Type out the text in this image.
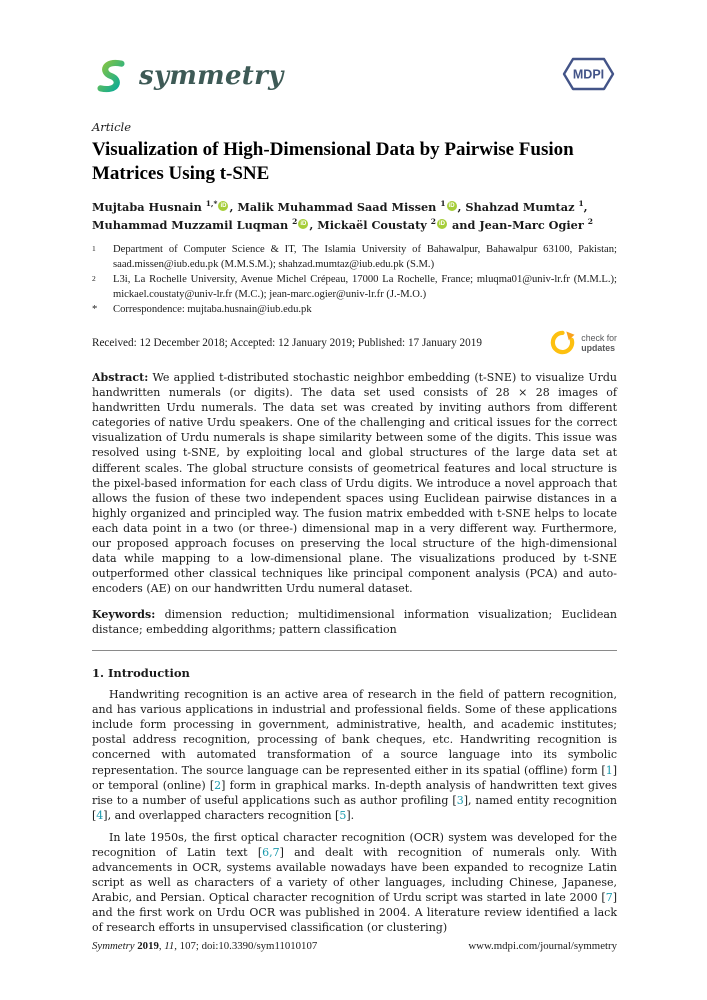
symmetry	MDPI
Article
Visualization of High-Dimensional Data by Pairwise Fusion Matrices Using t-SNE

Mujtaba Husnain $^{1,*}$ iD , Malik Muhammad Saad Missen $^1$ iD , Shahzad Mumtaz $^1$, Muhammad Muzzamil Luqman $^2$ iD , Mickaël Coustaty $^2$ iD and Jean-Marc Ogier $^2$

1	Department of Computer Science & IT, The Islamia University of Bahawalpur, Bahawalpur 63100, Pakistan; saad.missen@iub.edu.pk (M.M.S.M.); shahzad.mumtaz@iub.edu.pk (S.M.)
2	L3i, La Rochelle University, Avenue Michel Crépeau, 17000 La Rochelle, France; mluqma01@univ-lr.fr (M.M.L.); mickael.coustaty@univ-lr.fr (M.C.); jean-marc.ogier@univ-lr.fr (J.-M.O.)
*	Correspondence: mujtaba.husnain@iub.edu.pk
Received: 12 December 2018; Accepted: 12 January 2019; Published: 17 January 2019	check for
updates

Abstract: We applied t-distributed stochastic neighbor embedding (t-SNE) to visualize Urdu handwritten numerals (or digits). The data set used consists of 28 × 28 images of handwritten Urdu numerals. The data set was created by inviting authors from different categories of native Urdu speakers. One of the challenging and critical issues for the correct visualization of Urdu numerals is shape similarity between some of the digits. This issue was resolved using t-SNE, by exploiting local and global structures of the large data set at different scales. The global structure consists of geometrical features and local structure is the pixel-based information for each class of Urdu digits. We introduce a novel approach that allows the fusion of these two independent spaces using Euclidean pairwise distances in a highly organized and principled way. The fusion matrix embedded with t-SNE helps to locate each data point in a two (or three-) dimensional map in a very different way. Furthermore, our proposed approach focuses on preserving the local structure of the high-dimensional data while mapping to a low-dimensional plane. The visualizations produced by t-SNE outperformed other classical techniques like principal component analysis (PCA) and auto-encoders (AE) on our handwritten Urdu numeral dataset.

Keywords: dimension reduction; multidimensional information visualization; Euclidean distance; embedding algorithms; pattern classification

1. Introduction

Handwriting recognition is an active area of research in the field of pattern recognition, and has various applications in industrial and professional fields. Some of these applications include form processing in government, administrative, health, and academic institutes; postal address recognition, processing of bank cheques, etc. Handwriting recognition is concerned with automated transformation of a source language into its symbolic representation. The source language can be represented either in its spatial (offline) form [1] or temporal (online) [2] form in graphical marks. In-depth analysis of handwritten text gives rise to a number of useful applications such as author profiling [3], named entity recognition [4], and overlapped characters recognition [5].

In late 1950s, the first optical character recognition (OCR) system was developed for the recognition of Latin text [6,7] and dealt with recognition of numerals only. With advancements in OCR, systems available nowadays have been expanded to recognize Latin script as well as characters of a variety of other languages, including Chinese, Japanese, Arabic, and Persian. Optical character recognition of Urdu script was started in late 2000 [7] and the first work on Urdu OCR was published in 2004. A literature review identified a lack of research efforts in unsupervised classification (or clustering)

Symmetry 2019, 11, 107; doi:10.3390/sym11010107	www.mdpi.com/journal/symmetry
